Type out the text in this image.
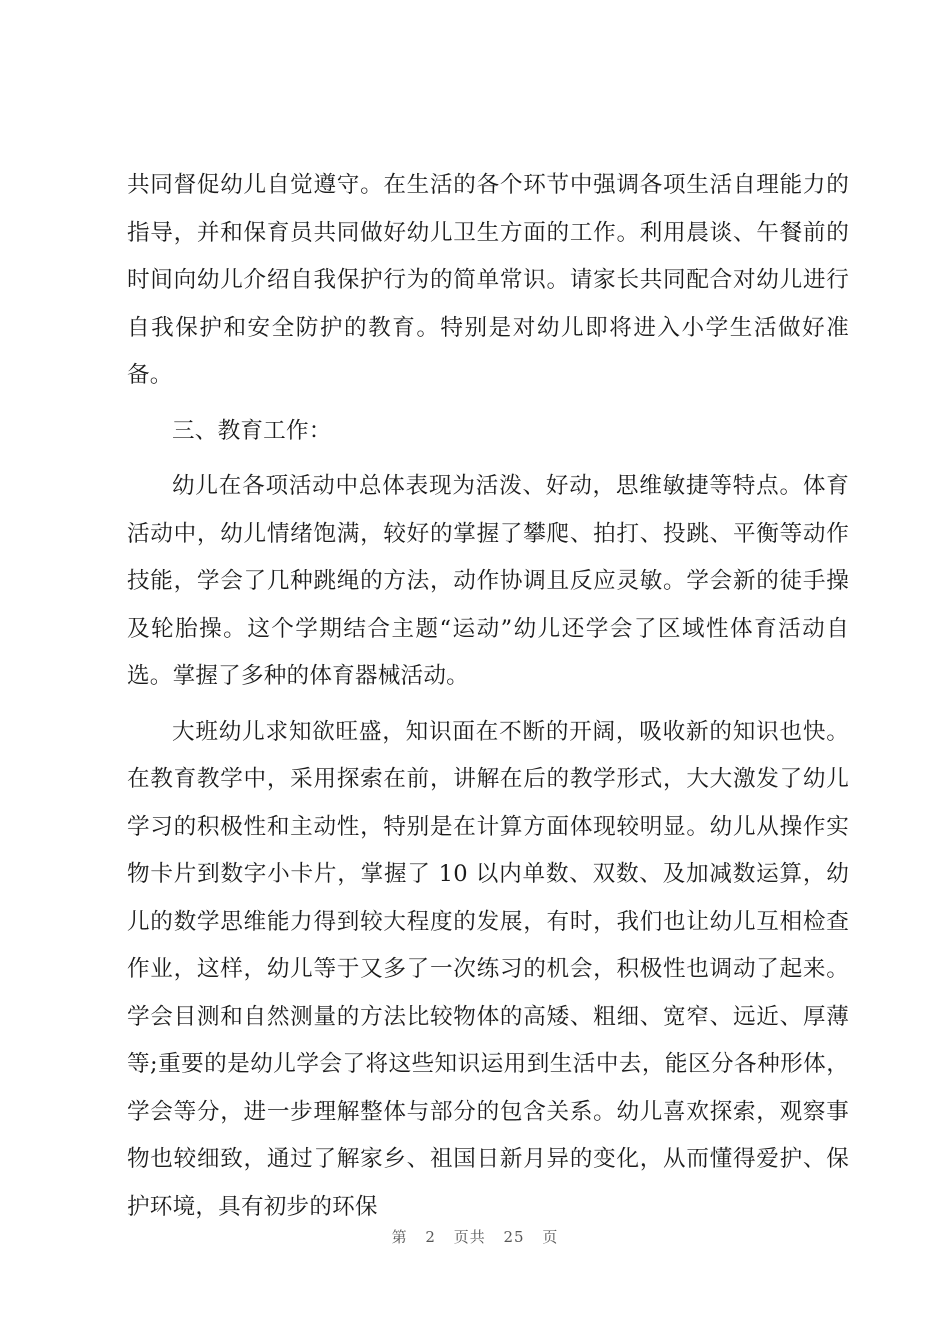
共同督促幼儿自觉遵守。在生活的各个环节中强调各项生活自理能力的指导，并和保育员共同做好幼儿卫生方面的工作。利用晨谈、午餐前的时间向幼儿介绍自我保护行为的简单常识。请家长共同配合对幼儿进行自我保护和安全防护的教育。特别是对幼儿即将进入小学生活做好准备。

三、教育工作：

幼儿在各项活动中总体表现为活泼、好动，思维敏捷等特点。体育活动中，幼儿情绪饱满，较好的掌握了攀爬、拍打、投跳、平衡等动作技能，学会了几种跳绳的方法，动作协调且反应灵敏。学会新的徒手操及轮胎操。这个学期结合主题“运动”幼儿还学会了区域性体育活动自选。掌握了多种的体育器械活动。

大班幼儿求知欲旺盛，知识面在不断的开阔，吸收新的知识也快。在教育教学中，采用探索在前，讲解在后的教学形式，大大激发了幼儿学习的积极性和主动性，特别是在计算方面体现较明显。幼儿从操作实物卡片到数字小卡片，掌握了 10 以内单数、双数、及加减数运算，幼儿的数学思维能力得到较大程度的发展，有时，我们也让幼儿互相检查作业，这样，幼儿等于又多了一次练习的机会，积极性也调动了起来。学会目测和自然测量的方法比较物体的高矮、粗细、宽窄、远近、厚薄等;重要的是幼儿学会了将这些知识运用到生活中去，能区分各种形体，学会等分，进一步理解整体与部分的包含关系。幼儿喜欢探索，观察事物也较细致，通过了解家乡、祖国日新月异的变化，从而懂得爱护、保护环境，具有初步的环保

第 2 页共 25 页
